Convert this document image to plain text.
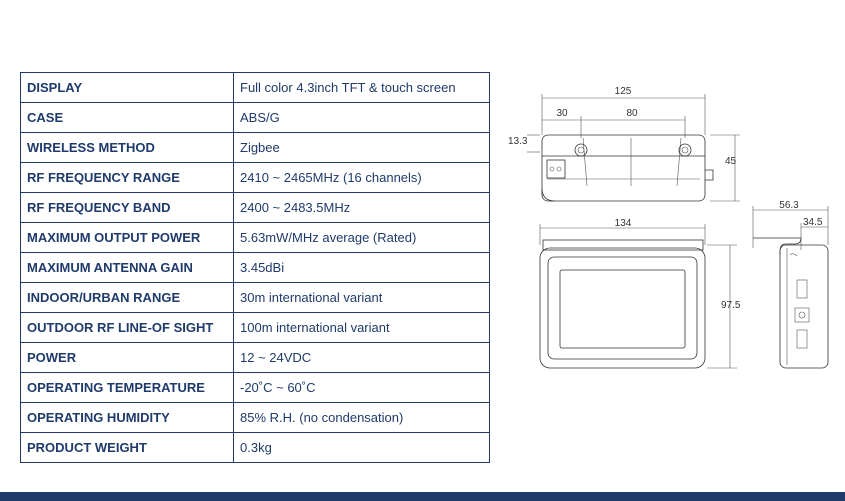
DISPLAY	Full color 4.3inch TFT & touch screen
CASE	ABS/G
WIRELESS METHOD	Zigbee
RF FREQUENCY RANGE	2410 ~ 2465MHz (16 channels)
RF FREQUENCY BAND	2400 ~ 2483.5MHz
MAXIMUM OUTPUT POWER	5.63mW/MHz average (Rated)
MAXIMUM ANTENNA GAIN	3.45dBi
INDOOR/URBAN RANGE	30m international variant
OUTDOOR RF LINE-OF SIGHT	100m international variant
POWER	12 ~ 24VDC
OPERATING TEMPERATURE	-20˚C ~ 60˚C
OPERATING HUMIDITY	85% R.H. (no condensation)
PRODUCT WEIGHT	0.3kg
125
30	80
13.3
45
134
97.5
56.3
34.5
